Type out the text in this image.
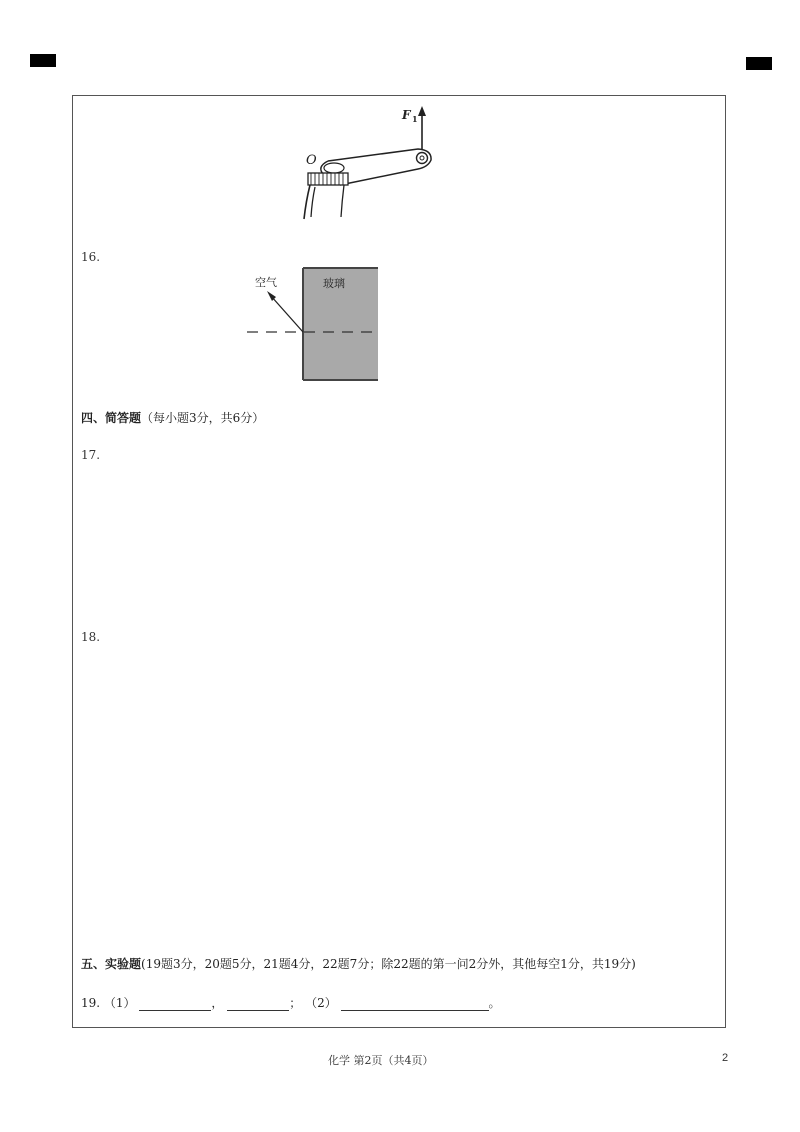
F 1
O
16.
玻璃
空气
四、简答题（每小题3分，共6分）
17.
18.
五、实验题(19题3分，20题5分，21题4分，22题7分；除22题的第一问2分外，其他每空1分，共19分)
19. （1）	，	； （2）	。
化学 第2页（共4页）	2
